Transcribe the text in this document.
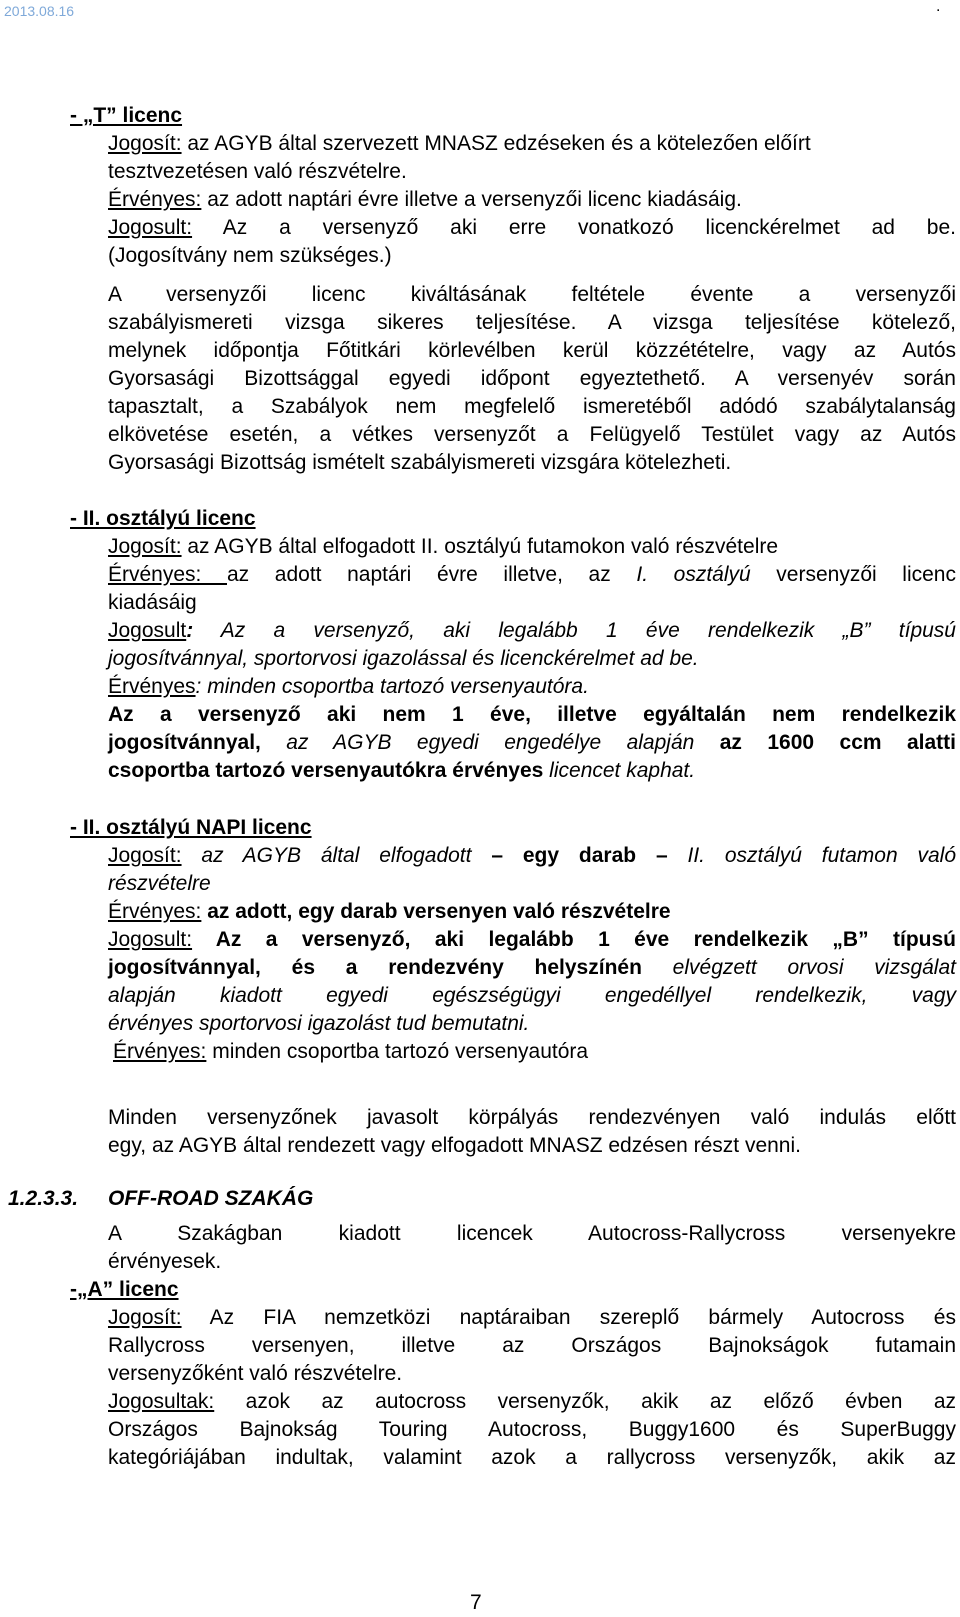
2013.08.16	.
- „T” licenc
Jogosít: az AGYB által szervezett MNASZ edzéseken és a kötelezően előírt
tesztvezetésen való részvételre.
Érvényes: az adott naptári évre illetve a versenyzői licenc kiadásáig.
Jogosult: Az a versenyző aki erre vonatkozó licenckérelmet ad be.
(Jogosítvány nem szükséges.)
A versenyzői licenc kiváltásának feltétele évente a versenyzői
szabályismereti vizsga sikeres teljesítése. A vizsga teljesítése kötelező,
melynek időpontja Főtitkári körlevélben kerül közzétételre, vagy az Autós
Gyorsasági Bizottsággal egyedi időpont egyeztethető. A versenyév során
tapasztalt, a Szabályok nem megfelelő ismeretéből adódó szabálytalanság
elkövetése esetén, a vétkes versenyzőt a Felügyelő Testület vagy az Autós
Gyorsasági Bizottság ismételt szabályismereti vizsgára kötelezheti.
- II. osztályú licenc
Jogosít: az AGYB által elfogadott II. osztályú futamokon való részvételre
Érvényes: az adott naptári évre illetve, az I. osztályú versenyzői licenc
kiadásáig
Jogosult: Az a versenyző, aki legalább 1 éve rendelkezik „B” típusú
jogosítvánnyal, sportorvosi igazolással és licenckérelmet ad be.
Érvényes: minden csoportba tartozó versenyautóra.
Az a versenyző aki nem 1 éve, illetve egyáltalán nem rendelkezik
jogosítvánnyal, az AGYB egyedi engedélye alapján az 1600 ccm alatti
csoportba tartozó versenyautókra érvényes licencet kaphat.
- II. osztályú NAPI licenc
Jogosít: az AGYB által elfogadott – egy darab – II. osztályú futamon való
részvételre
Érvényes: az adott, egy darab versenyen való részvételre
Jogosult: Az a versenyző, aki legalább 1 éve rendelkezik „B” típusú
jogosítvánnyal, és a rendezvény helyszínén elvégzett orvosi vizsgálat
alapján kiadott egyedi egészségügyi engedéllyel rendelkezik, vagy
érvényes sportorvosi igazolást tud bemutatni.
Érvényes: minden csoportba tartozó versenyautóra
Minden versenyzőnek javasolt körpályás rendezvényen való indulás előtt
egy, az AGYB által rendezett vagy elfogadott MNASZ edzésen részt venni.
1.2.3.3. OFF-ROAD SZAKÁG
A Szakágban kiadott licencek Autocross-Rallycross versenyekre
érvényesek.
-„A” licenc
Jogosít: Az FIA nemzetközi naptáraiban szereplő bármely Autocross és
Rallycross versenyen, illetve az Országos Bajnokságok futamain
versenyzőként való részvételre.
Jogosultak: azok az autocross versenyzők, akik az előző évben az
Országos Bajnokság Touring Autocross, Buggy1600 és SuperBuggy
kategóriájában indultak, valamint azok a rallycross versenyzők, akik az
7
